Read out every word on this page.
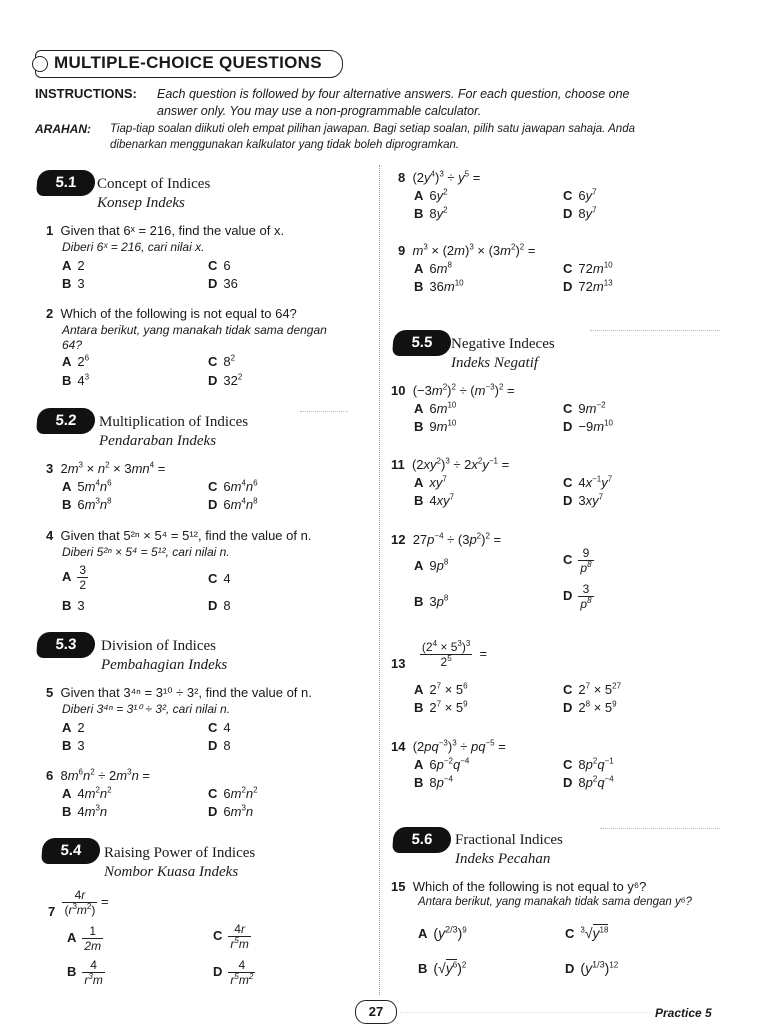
MULTIPLE-CHOICE QUESTIONS
INSTRUCTIONS: Each question is followed by four alternative answers. For each question, choose one
answer only. You may use a non-programmable calculator.
ARAHAN: Tiap-tiap soalan diikuti oleh empat pilihan jawapan. Bagi setiap soalan, pilih satu jawapan sahaja. Anda
dibenarkan menggunakan kalkulator yang tidak boleh diprogramkan.
5.1	Concept of Indices
Konsep Indeks
1 Given that 6ˣ = 216, find the value of x.
Diberi 6ˣ = 216, cari nilai x.
A 2
B 3
C 6
D 36
2 Which of the following is not equal to 64?
Antara berikut, yang manakah tidak sama dengan
64?
A $2^6$
B $4^3$
C $8^2$
D $32^2$
5.2	Multiplication of Indices
Pendaraban Indeks
3  $2m^3 \times n^2 \times 3mn^4$ =
A $5m^4n^6$
B $6m^3n^8$
C $6m^4n^6$
D $6m^4n^8$
4 Given that 5²ⁿ × 5⁴ = 5¹², find the value of n.
Diberi 5²ⁿ × 5⁴ = 5¹², cari nilai n.
A $\frac{3}{2}$
B 3
C 4
D 8
5.3	Division of Indices
Pembahagian Indeks
5 Given that 3⁴ⁿ = 3¹⁰ ÷ 3², find the value of n.
Diberi 3⁴ⁿ = 3¹⁰ ÷ 3², cari nilai n.
A 2
B 3
C 4
D 8
6  $8m^6n^2 \div 2m^3n$ =
A $4m^2n^2$
B $4m^3n$
C $6m^2n^2$
D $6m^3n$
5.4	Raising Power of Indices
Nombor Kuasa Indeks
$7 \frac{4r}{(r^3m^2)}$ =
A $\frac{1}{2m}$
B $\frac{4}{r^3m}$
C $\frac{4r}{r^5m}$
D $\frac{4}{r^5m^2}$
8  $(2y^4)^3 \div y^5$ =
A $6y^2$
B $8y^2$
C $6y^7$
D $8y^7$
9 $m^3 \times (2m)^3 \times (3m^2)^2$ =
A $6m^8$
B $36m^{10}$
C $72m^{10}$
D $72m^{13}$
5.5	Negative Indeces
Indeks Negatif
10  $(-3m^2)^2 \div (m^{-3})^2$ =
A $6m^{10}$
B $9m^{10}$
C $9m^{-2}$
$D -9m^{10}$
11  $(2xy^2)^3 \div 2x^2y^{-1}$ =
A $xy^7$
B $4xy^7$
C $4x^{-1}y^7$
D $3xy^7$
12  $27p^{-4} \div (3p^2)^2$ =
A $9p^8$
B $3p^8$
C $\frac{9}{p^8}$
D $\frac{3}{p^8}$
$13 \frac{(2^4 \times 5^3)^3}{2^5}$ =
A $2^7 \times 5^6$
B $2^7 \times 5^9$
C $2^7 \times 5^{27}$
D $2^8 \times 5^9$
14  $(2pq^{-3})^3 \div pq^{-5}$ =
A $6p^{-2}q^{-4}$
B $8p^{-4}$
C $8p^2q^{-1}$
D $8p^2q^{-4}$
5.6	Fractional Indices
Indeks Pecahan
15 Which of the following is not equal to y⁶?
Antara berikut, yang manakah tidak sama dengan y⁶?
A $(y^{2/3})^9$
B $(√y^6)^2$
C $^3√y^{18}$
D $(y^{1/3})^{12}$
27	Practice 5
